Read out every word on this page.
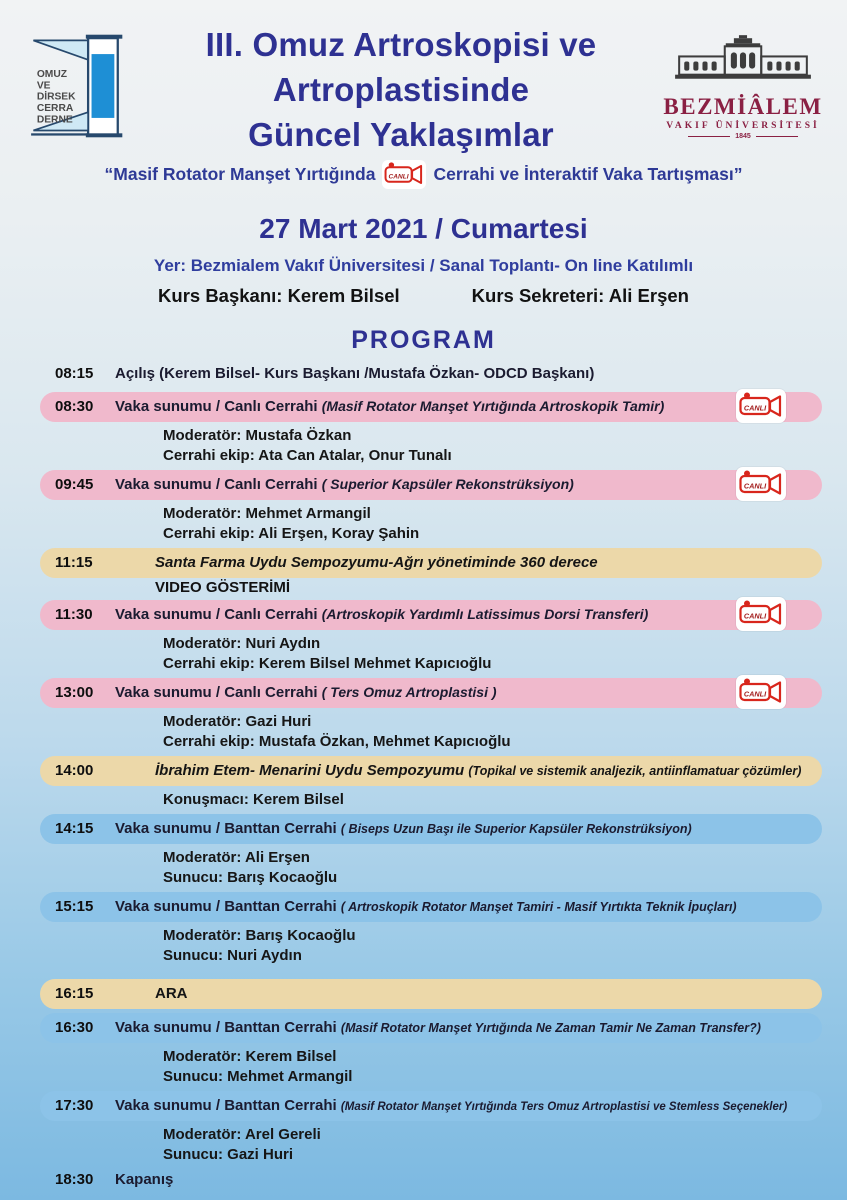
OMUZ
VE
DİRSEK
CERRA
DERNE
III. Omuz Artroskopisi ve
Artroplastisinde
Güncel Yaklaşımlar
BEZMİÂLEM
VAKIF ÜNİVERSİTESİ
1845
“Masif Rotator Manşet Yırtığında CANLI Cerrahi ve İnteraktif Vaka Tartışması”
27 Mart 2021 / Cumartesi
Yer: Bezmialem Vakıf Üniversitesi / Sanal Toplantı- On line Katılımlı
Kurs Başkanı: Kerem Bilsel	Kurs Sekreteri: Ali Erşen
PROGRAM
08:15 Açılış (Kerem Bilsel- Kurs Başkanı /Mustafa Özkan- ODCD Başkanı)
08:30 Vaka sunumu / Canlı Cerrahi (Masif Rotator Manşet Yırtığında Artroskopik Tamir)	CANLI
Moderatör: Mustafa Özkan
Cerrahi ekip: Ata Can Atalar, Onur Tunalı
09:45 Vaka sunumu / Canlı Cerrahi ( Superior Kapsüler Rekonstrüksiyon)	CANLI
Moderatör: Mehmet Armangil
Cerrahi ekip: Ali Erşen, Koray Şahin
11:15	Santa Farma Uydu Sempozyumu-Ağrı yönetiminde 360 derece
VIDEO GÖSTERİMİ
11:30 Vaka sunumu / Canlı Cerrahi (Artroskopik Yardımlı Latissimus Dorsi Transferi)	CANLI
Moderatör: Nuri Aydın
Cerrahi ekip: Kerem Bilsel Mehmet Kapıcıoğlu
13:00 Vaka sunumu / Canlı Cerrahi ( Ters Omuz Artroplastisi )	CANLI
Moderatör: Gazi Huri
Cerrahi ekip: Mustafa Özkan, Mehmet Kapıcıoğlu
14:00	İbrahim Etem- Menarini Uydu Sempozyumu (Topikal ve sistemik analjezik, antiinflamatuar çözümler)
Konuşmacı: Kerem Bilsel
14:15 Vaka sunumu / Banttan Cerrahi ( Biseps Uzun Başı ile Superior Kapsüler Rekonstrüksiyon)
Moderatör: Ali Erşen
Sunucu: Barış Kocaoğlu
15:15 Vaka sunumu / Banttan Cerrahi ( Artroskopik Rotator Manşet Tamiri - Masif Yırtıkta Teknik İpuçları)
Moderatör: Barış Kocaoğlu
Sunucu: Nuri Aydın
16:15	ARA
16:30 Vaka sunumu / Banttan Cerrahi (Masif Rotator Manşet Yırtığında Ne Zaman Tamir Ne Zaman Transfer?)
Moderatör: Kerem Bilsel
Sunucu: Mehmet Armangil
17:30 Vaka sunumu / Banttan Cerrahi (Masif Rotator Manşet Yırtığında Ters Omuz Artroplastisi ve Stemless Seçenekler)
Moderatör: Arel Gereli
Sunucu: Gazi Huri
18:30 Kapanış
